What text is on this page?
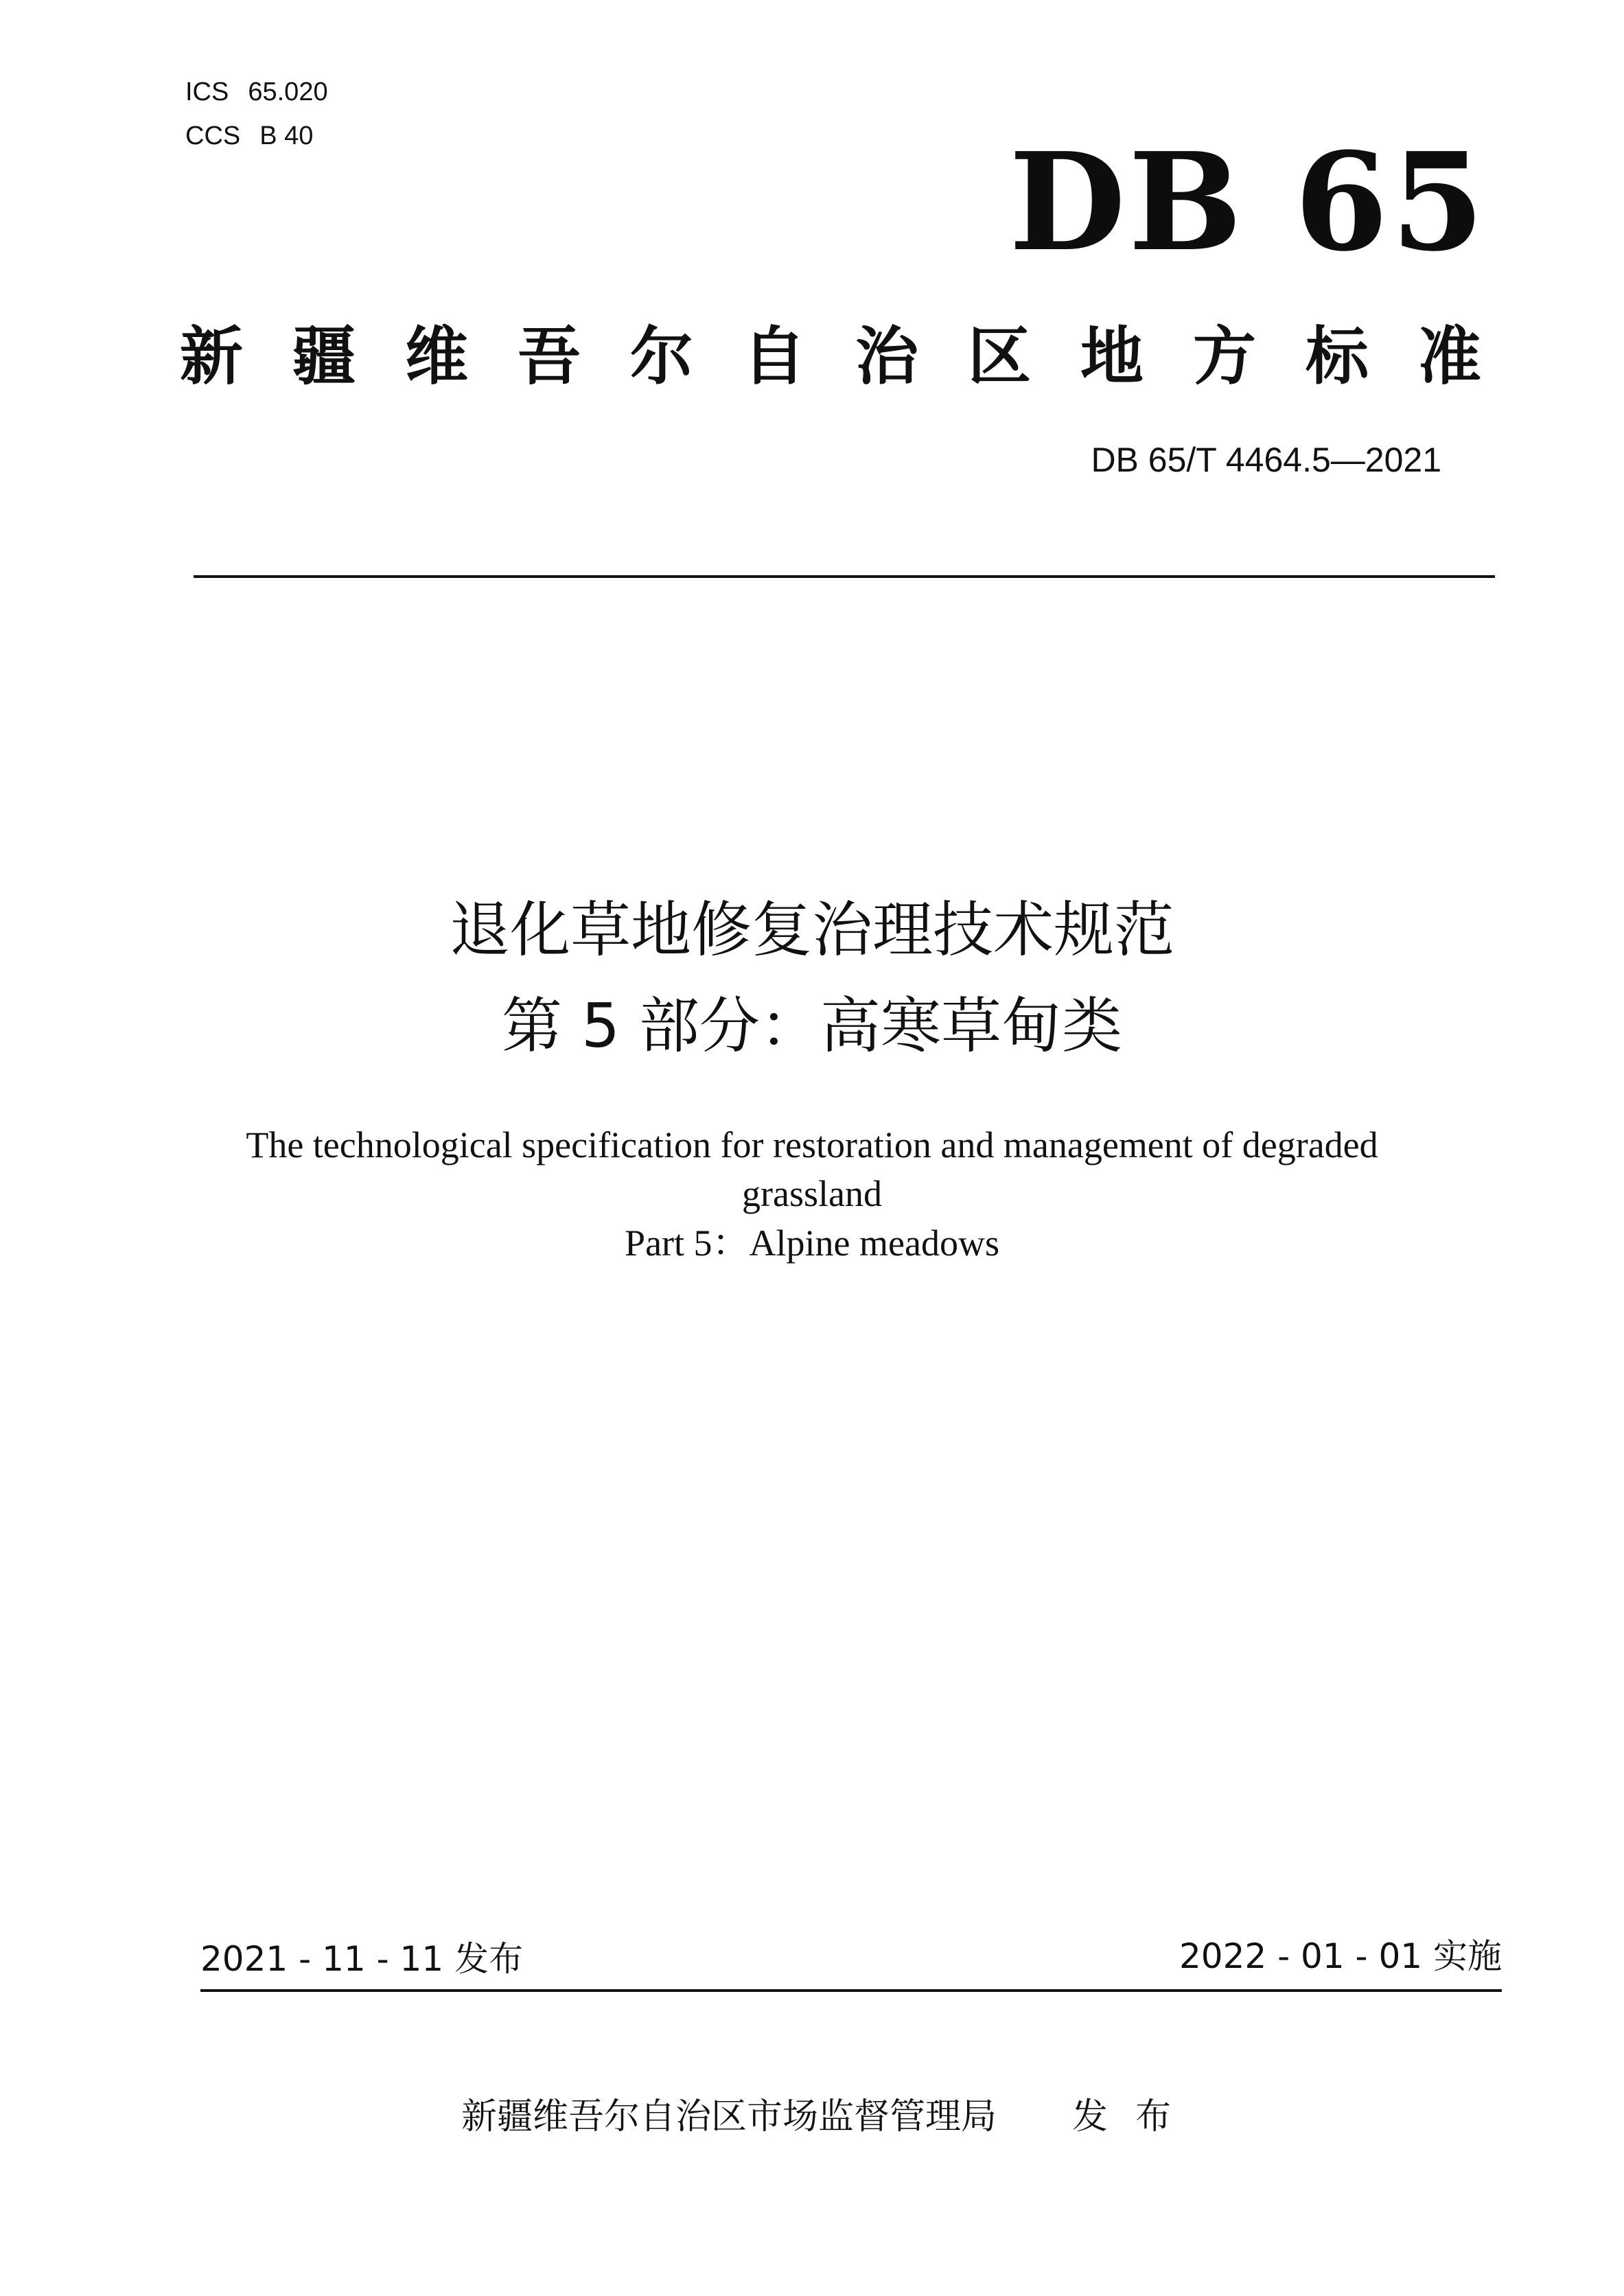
ICS 65.020
CCS B 40	DB 65
新疆维吾尔自治区地方标准
DB 65/T 4464.5—2021
退化草地修复治理技术规范
第 5 部分：高寒草甸类
The technological specification for restoration and management of degraded
grassland
Part 5：Alpine meadows
2021 - 11 - 11 发布	2022 - 01 - 01 实施
新疆维吾尔自治区市场监督管理局 发布
